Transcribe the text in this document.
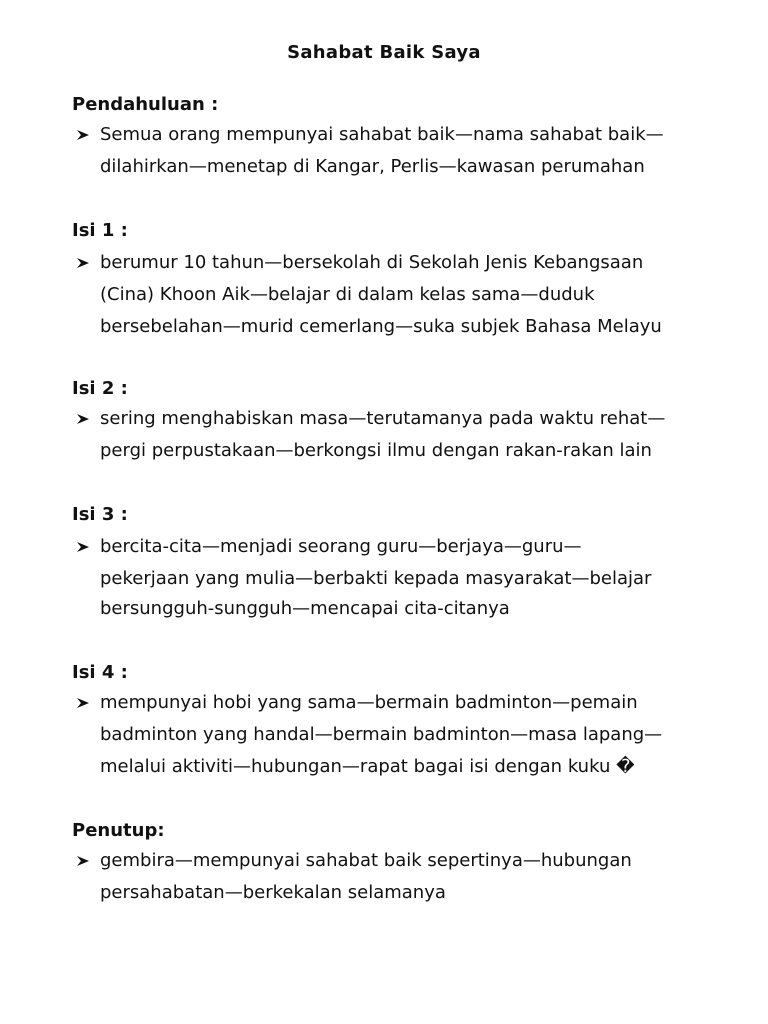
Sahabat Baik Saya
Pendahuluan :
Semua orang mempunyai sahabat baik—nama sahabat baik—
dilahirkan—menetap di Kangar, Perlis—kawasan perumahan
Isi 1 :
berumur 10 tahun—bersekolah di Sekolah Jenis Kebangsaan
(Cina) Khoon Aik—belajar di dalam kelas sama—duduk
bersebelahan—murid cemerlang—suka subjek Bahasa Melayu
Isi 2 :
sering menghabiskan masa—terutamanya pada waktu rehat—
pergi perpustakaan—berkongsi ilmu dengan rakan-rakan lain
Isi 3 :
bercita-cita—menjadi seorang guru—berjaya—guru—
pekerjaan yang mulia—berbakti kepada masyarakat—belajar
bersungguh-sungguh—mencapai cita-citanya
Isi 4 :
mempunyai hobi yang sama—bermain badminton—pemain
badminton yang handal—bermain badminton—masa lapang—
melalui aktiviti—hubungan—rapat bagai isi dengan kuku �
Penutup:
gembira—mempunyai sahabat baik sepertinya—hubungan
persahabatan—berkekalan selamanya
